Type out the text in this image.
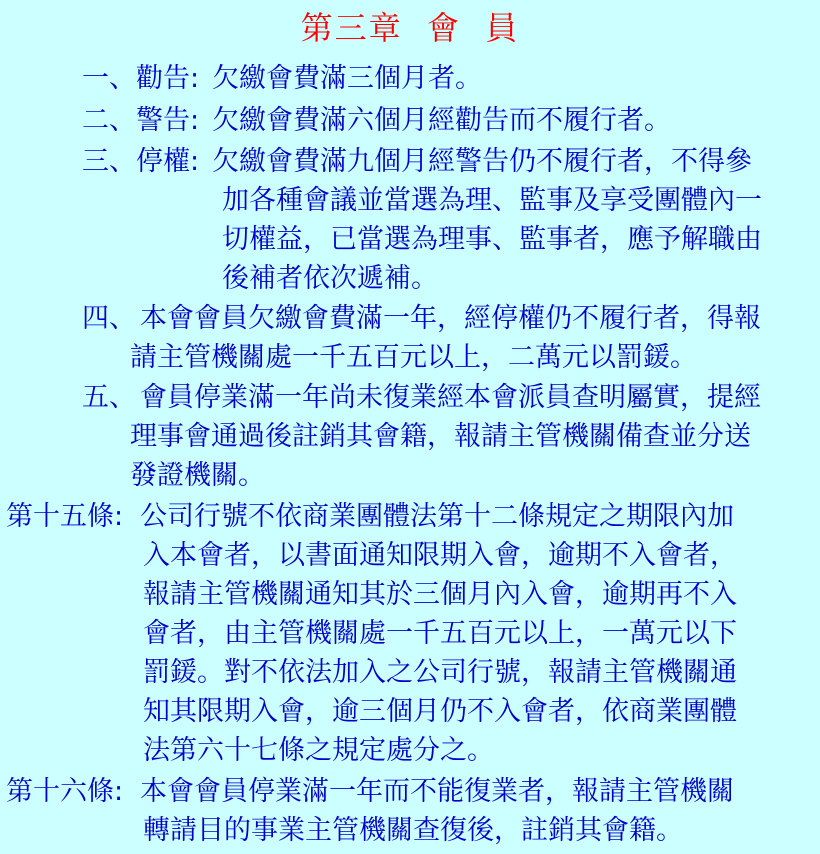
第三章  會  員
一、勸告: 欠繳會費滿三個月者。
二、警告: 欠繳會費滿六個月經勸告而不履行者。
三、停權: 欠繳會費滿九個月經警告仍不履行者，不得參
加各種會議並當選為理、監事及享受團體內一
切權益，已當選為理事、監事者，應予解職由
後補者依次遞補。
四、 本會會員欠繳會費滿一年，經停權仍不履行者，得報
請主管機關處一千五百元以上，二萬元以罰鍰。
五、 會員停業滿一年尚未復業經本會派員查明屬實，提經
理事會通過後註銷其會籍，報請主管機關備查並分送
發證機關。
第十五條: 公司行號不依商業團體法第十二條規定之期限內加
入本會者，以書面通知限期入會，逾期不入會者，
報請主管機關通知其於三個月內入會，逾期再不入
會者，由主管機關處一千五百元以上，一萬元以下
罰鍰。對不依法加入之公司行號，報請主管機關通
知其限期入會，逾三個月仍不入會者，依商業團體
法第六十七條之規定處分之。
第十六條: 本會會員停業滿一年而不能復業者，報請主管機關
轉請目的事業主管機關查復後，註銷其會籍。
